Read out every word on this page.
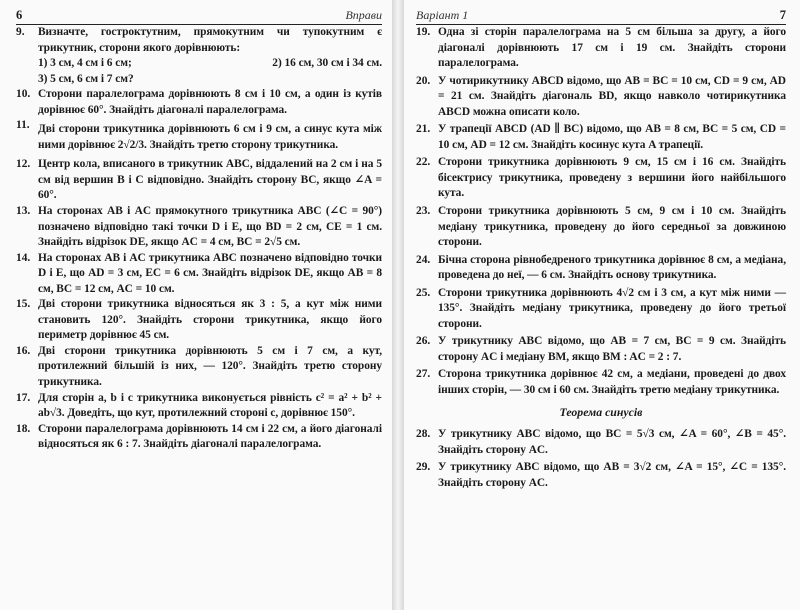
6	Вправи
9.	Визначте, гостроктутним, прямокутним чи тупокутним є трикутник, сторони якого дорівнюють:
1) 3 см, 4 см і 6 см;	2) 16 см, 30 см і 34 см.
3) 5 см, 6 см і 7 см?
10. Сторони паралелограма дорівнюють 8 см і 10 см, а один із кутів дорівнює 60°. Знайдіть діагоналі паралелограма.
11. Дві сторони трикутника дорівнюють 6 см і 9 см, а синус кута між ними дорівнює 2√2/3. Знайдіть третю сторону трикутника.
12. Центр кола, вписаного в трикутник ABC, віддалений на 2 см і на 5 см від вершин B і C відповідно. Знайдіть сторону BC, якщо ∠A = 60°.
13. На сторонах AB і AC прямокутного трикутника ABC (∠C = 90°) позначено відповідно такі точки D і E, що BD = 2 см, CE = 1 см. Знайдіть відрізок DE, якщо AC = 4 см, BC = 2√5 см.
14. На сторонах AB і AC трикутника ABC позначено відповідно точки D і E, що AD = 3 см, EC = 6 см. Знайдіть відрізок DE, якщо AB = 8 см, BC = 12 см, AC = 10 см.
15. Дві сторони трикутника відносяться як 3 : 5, а кут між ними становить 120°. Знайдіть сторони трикутника, якщо його периметр дорівнює 45 см.
16. Дві сторони трикутника дорівнюють 5 см і 7 см, а кут, протилежний більшій із них, — 120°. Знайдіть третю сторону трикутника.
17. Для сторін a, b і c трикутника виконується рівність c² = a² + b² + ab√3. Доведіть, що кут, протилежний стороні c, дорівнює 150°.
18. Сторони паралелограма дорівнюють 14 см і 22 см, а його діагоналі відносяться як 6 : 7. Знайдіть діагоналі паралелограма.
Варіант 1	7
19. Одна зі сторін паралелограма на 5 см більша за другу, а його діагоналі дорівнюють 17 см і 19 см. Знайдіть сторони паралелограма.
20. У чотирикутнику ABCD відомо, що AB = BC = 10 см, CD = 9 см, AD = 21 см. Знайдіть діагональ BD, якщо навколо чотирикутника ABCD можна описати коло.
21. У трапеції ABCD (AD ∥ BC) відомо, що AB = 8 см, BC = 5 см, CD = 10 см, AD = 12 см. Знайдіть косинус кута A трапеції.
22. Сторони трикутника дорівнюють 9 см, 15 см і 16 см. Знайдіть бісектрису трикутника, проведену з вершини його найбільшого кута.
23. Сторони трикутника дорівнюють 5 см, 9 см і 10 см. Знайдіть медіану трикутника, проведену до його середньої за довжиною сторони.
24. Бічна сторона рівнобедреного трикутника дорівнює 8 см, а медіана, проведена до неї, — 6 см. Знайдіть основу трикутника.
25. Сторони трикутника дорівнюють 4√2 см і 3 см, а кут між ними — 135°. Знайдіть медіану трикутника, проведену до його третьої сторони.
26. У трикутнику ABC відомо, що AB = 7 см, BC = 9 см. Знайдіть сторону AC і медіану BM, якщо BM : AC = 2 : 7.
27. Сторона трикутника дорівнює 42 см, а медіани, проведені до двох інших сторін, — 30 см і 60 см. Знайдіть третю медіану трикутника.
Теорема синусів
28. У трикутнику ABC відомо, що BC = 5√3 см, ∠A = 60°, ∠B = 45°. Знайдіть сторону AC.
29. У трикутнику ABC відомо, що AB = 3√2 см, ∠A = 15°, ∠C = 135°. Знайдіть сторону AC.
